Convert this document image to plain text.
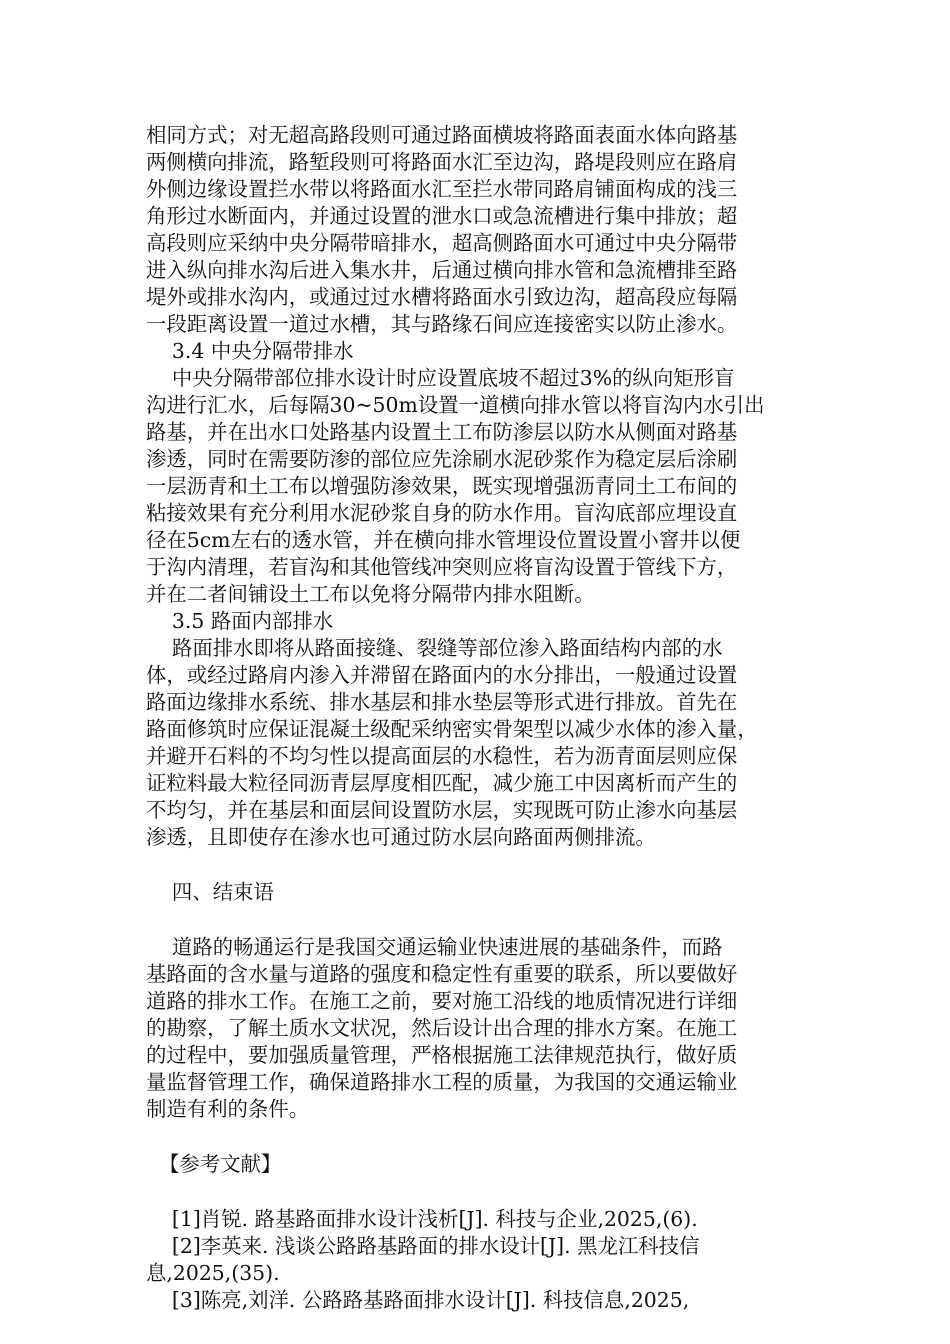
相同方式；对无超高路段则可通过路面横坡将路面表面水体向路基
两侧横向排流，路堑段则可将路面水汇至边沟，路堤段则应在路肩
外侧边缘设置拦水带以将路面水汇至拦水带同路肩铺面构成的浅三
角形过水断面内，并通过设置的泄水口或急流槽进行集中排放；超
高段则应采纳中央分隔带暗排水，超高侧路面水可通过中央分隔带
进入纵向排水沟后进入集水井，后通过横向排水管和急流槽排至路
堤外或排水沟内，或通过过水槽将路面水引致边沟，超高段应每隔
一段距离设置一道过水槽，其与路缘石间应连接密实以防止渗水。
3.4 中央分隔带排水
中央分隔带部位排水设计时应设置底坡不超过3%的纵向矩形盲
沟进行汇水，后每隔30~50m设置一道横向排水管以将盲沟内水引出
路基，并在出水口处路基内设置土工布防渗层以防水从侧面对路基
渗透，同时在需要防渗的部位应先涂刷水泥砂浆作为稳定层后涂刷
一层沥青和土工布以增强防渗效果，既实现增强沥青同土工布间的
粘接效果有充分利用水泥砂浆自身的防水作用。盲沟底部应埋设直
径在5cm左右的透水管，并在横向排水管埋设位置设置小窨井以便
于沟内清理，若盲沟和其他管线冲突则应将盲沟设置于管线下方，
并在二者间铺设土工布以免将分隔带内排水阻断。
3.5 路面内部排水
路面排水即将从路面接缝、裂缝等部位渗入路面结构内部的水
体，或经过路肩内渗入并滞留在路面内的水分排出，一般通过设置
路面边缘排水系统、排水基层和排水垫层等形式进行排放。首先在
路面修筑时应保证混凝土级配采纳密实骨架型以减少水体的渗入量，
并避开石料的不均匀性以提高面层的水稳性，若为沥青面层则应保
证粒料最大粒径同沥青层厚度相匹配，减少施工中因离析而产生的
不均匀，并在基层和面层间设置防水层，实现既可防止渗水向基层
渗透，且即使存在渗水也可通过防水层向路面两侧排流。
四、结束语
道路的畅通运行是我国交通运输业快速进展的基础条件，而路
基路面的含水量与道路的强度和稳定性有重要的联系，所以要做好
道路的排水工作。在施工之前，要对施工沿线的地质情况进行详细
的勘察，了解土质水文状况，然后设计出合理的排水方案。在施工
的过程中，要加强质量管理，严格根据施工法律规范执行，做好质
量监督管理工作，确保道路排水工程的质量，为我国的交通运输业
制造有利的条件。
【参考文献】
[1]肖锐. 路基路面排水设计浅析[J]. 科技与企业,2025,(6).
[2]李英来. 浅谈公路路基路面的排水设计[J]. 黑龙江科技信
息,2025,(35).
[3]陈亮,刘洋. 公路路基路面排水设计[J]. 科技信息,2025,
